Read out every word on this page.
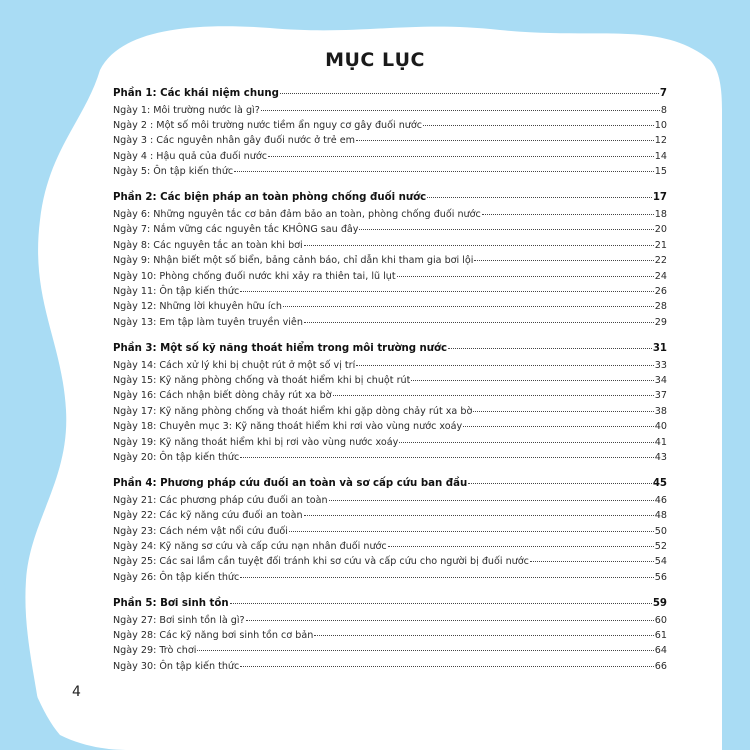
MỤC LỤC
Phần 1: Các khái niệm chung	7
Ngày 1: Môi trường nước là gì?	8
Ngày 2 : Một số môi trường nước tiềm ẩn nguy cơ gây đuối nước	10
Ngày 3 : Các nguyên nhân gây đuối nước ở trẻ em	12
Ngày 4 : Hậu quả của đuối nước	14
Ngày 5: Ôn tập kiến thức	15
Phần 2: Các biện pháp an toàn phòng chống đuối nước	17
Ngày 6: Những nguyên tắc cơ bản đảm bảo an toàn, phòng chống đuối nước	18
Ngày 7: Nắm vững các nguyên tắc KHÔNG sau đây	20
Ngày 8: Các nguyên tắc an toàn khi bơi	21
Ngày 9: Nhận biết một số biển, bảng cảnh báo, chỉ dẫn khi tham gia bơi lội	22
Ngày 10: Phòng chống đuối nước khi xảy ra thiên tai, lũ lụt	24
Ngày 11: Ôn tập kiến thức	26
Ngày 12: Những lời khuyên hữu ích	28
Ngày 13: Em tập làm tuyên truyền viên	29
Phần 3: Một số kỹ năng thoát hiểm trong môi trường nước	31
Ngày 14: Cách xử lý khi bị chuột rút ở một số vị trí	33
Ngày 15: Kỹ năng phòng chống và thoát hiểm khi bị chuột rút	34
Ngày 16: Cách nhận biết dòng chảy rút xa bờ	37
Ngày 17: Kỹ năng phòng chống và thoát hiểm khi gặp dòng chảy rút xa bờ	38
Ngày 18: Chuyên mục 3: Kỹ năng thoát hiểm khi rơi vào vùng nước xoáy	40
Ngày 19: Kỹ năng thoát hiểm khi bị rơi vào vùng nước xoáy	41
Ngày 20: Ôn tập kiến thức	43
Phần 4: Phương pháp cứu đuối an toàn và sơ cấp cứu ban đầu	45
Ngày 21: Các phương pháp cứu đuối an toàn	46
Ngày 22: Các kỹ năng cứu đuối an toàn	48
Ngày 23: Cách ném vật nổi cứu đuối	50
Ngày 24: Kỹ năng sơ cứu và cấp cứu nạn nhân đuối nước	52
Ngày 25: Các sai lầm cần tuyệt đối tránh khi sơ cứu và cấp cứu cho người bị đuối nước	54
Ngày 26: Ôn tập kiến thức	56
Phần 5: Bơi sinh tồn	59
Ngày 27: Bơi sinh tồn là gì?	60
Ngày 28: Các kỹ năng bơi sinh tồn cơ bản	61
Ngày 29: Trò chơi	64
Ngày 30: Ôn tập kiến thức	66
4
